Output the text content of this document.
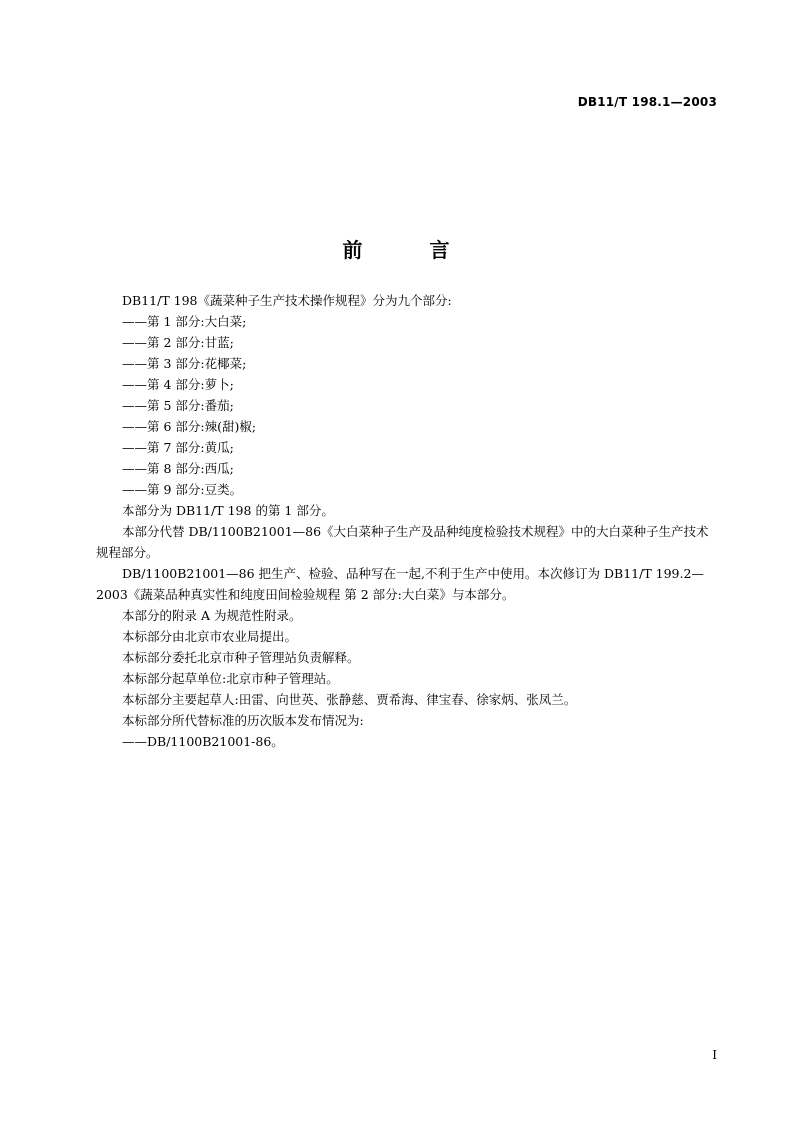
DB11/T 198.1—2003
前 言

DB11/T 198《蔬菜种子生产技术操作规程》分为九个部分:

——第 1 部分:大白菜;

——第 2 部分:甘蓝;

——第 3 部分:花椰菜;

——第 4 部分:萝卜;

——第 5 部分:番茄;

——第 6 部分:辣(甜)椒;

——第 7 部分:黄瓜;

——第 8 部分:西瓜;

——第 9 部分:豆类。

本部分为 DB11/T 198 的第 1 部分。

本部分代替 DB/1100B21001—86《大白菜种子生产及品种纯度检验技术规程》中的大白菜种子生产技术规程部分。

DB/1100B21001—86 把生产、检验、品种写在一起,不利于生产中使用。本次修订为 DB11/T 199.2—2003《蔬菜品种真实性和纯度田间检验规程 第 2 部分:大白菜》与本部分。

本部分的附录 A 为规范性附录。

本标部分由北京市农业局提出。

本标部分委托北京市种子管理站负责解释。

本标部分起草单位:北京市种子管理站。

本标部分主要起草人:田雷、向世英、张静慈、贾希海、律宝春、徐家炳、张凤兰。

本标部分所代替标准的历次版本发布情况为:

——DB/1100B21001-86。

I
